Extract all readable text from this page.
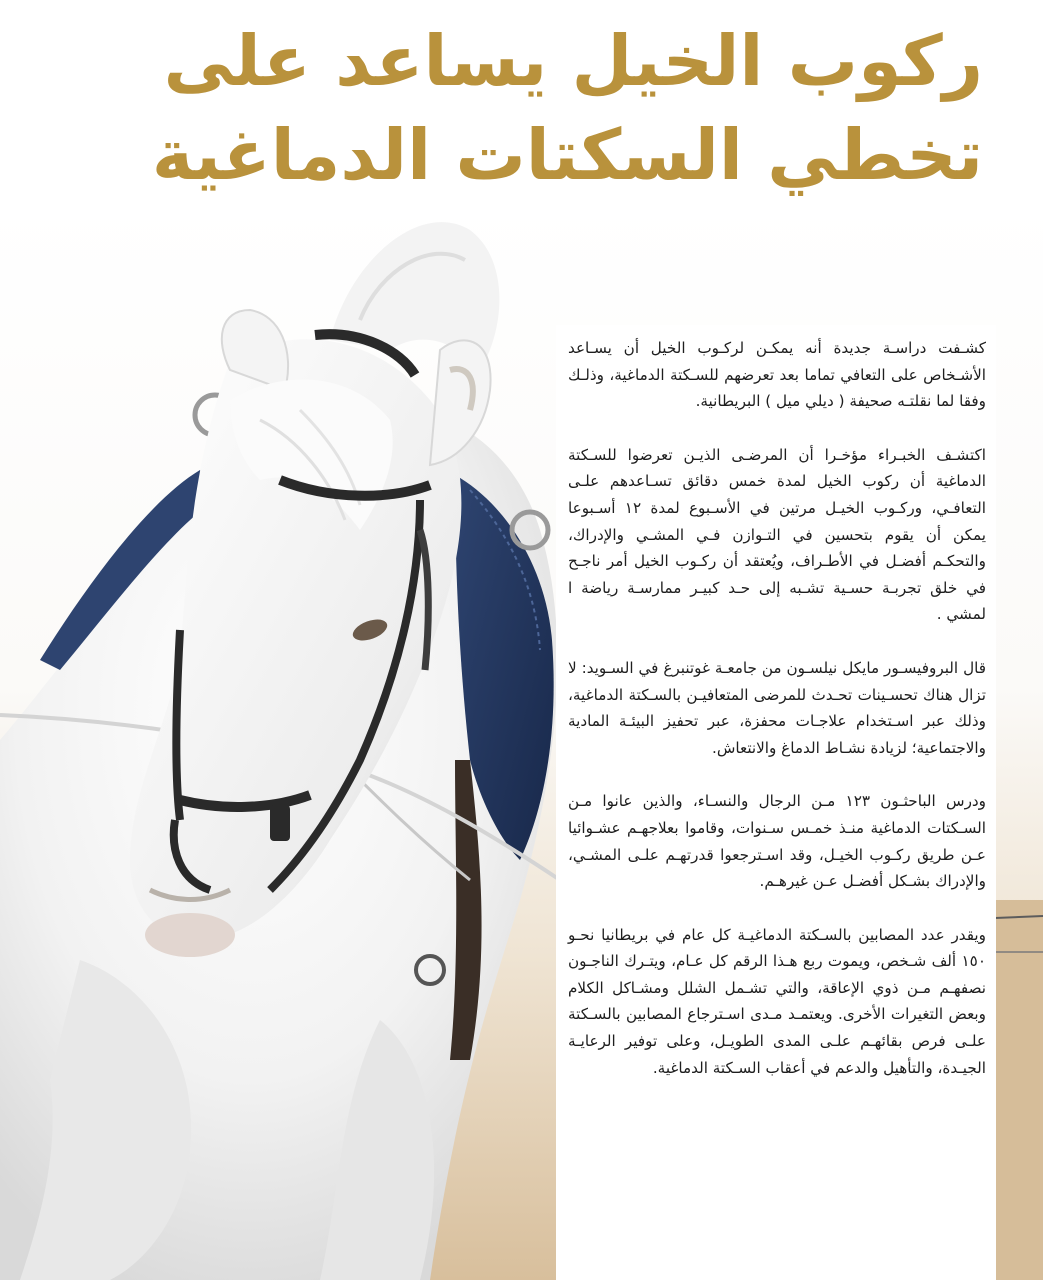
ركوب الخيل يساعد على
تخطي السكتات الدماغية

كشـفت دراسـة جديدة أنه يمكـن لركـوب الخيل أن يسـاعد الأشـخاص على التعافي تماما بعد تعرضهم للسـكتة الدماغية، وذلـك وفقا لما نقلتـه صحيفة ( ديلي ميل ) البريطانية.

اكتشـف الخبـراء مؤخـرا أن المرضـى الذيـن تعرضوا للسـكتة الدماغية أن ركوب الخيل لمدة خمس دقائق تسـاعدهم علـى التعافـي، وركـوب الخيـل مرتين في الأسـبوع لمدة ١٢ أسـبوعا يمكن أن يقوم بتحسين في التـوازن فـي المشـي والإدراك، والتحكـم أفضـل في الأطـراف، ويُعتقد أن ركـوب الخيل أمر ناجـح في خلق تجربـة حسـية تشـبه إلى حـد كبيـر ممارسـة رياضة ا لمشي .

قال البروفيسـور مايكل نيلسـون من جامعـة غوتنبرغ في السـويد: لا تزال هناك تحسـينات تحـدث للمرضى المتعافيـن بالسـكتة الدماغية، وذلك عبر اسـتخدام علاجـات محفزة، عبر تحفيز البيئـة المادية والاجتماعية؛ لزيادة نشـاط الدماغ والانتعاش.

ودرس الباحثـون ١٢٣ مـن الرجال والنسـاء، والذين عانوا مـن السـكتات الدماغية منـذ خمـس سـنوات، وقاموا بعلاجهـم عشـوائيا عـن طريق ركـوب الخيـل، وقد اسـترجعوا قدرتهـم علـى المشـي، والإدراك بشـكل أفضـل عـن غيرهـم.

ويقدر عدد المصابين بالسـكتة الدماغيـة كل عام في بريطانيا نحـو ١٥٠ ألف شـخص، ويموت ربع هـذا الرقم كل عـام، ويتـرك الناجـون نصفهـم مـن ذوي الإعاقة، والتي تشـمل الشلل ومشـاكل الكلام وبعض التغيرات الأخرى. ويعتمـد مـدى اسـترجاع المصابين بالسـكتة علـى فرص بقائهـم علـى المدى الطويـل، وعلى توفير الرعايـة الجيـدة، والتأهيل والدعم في أعقاب السـكتة الدماغية.
